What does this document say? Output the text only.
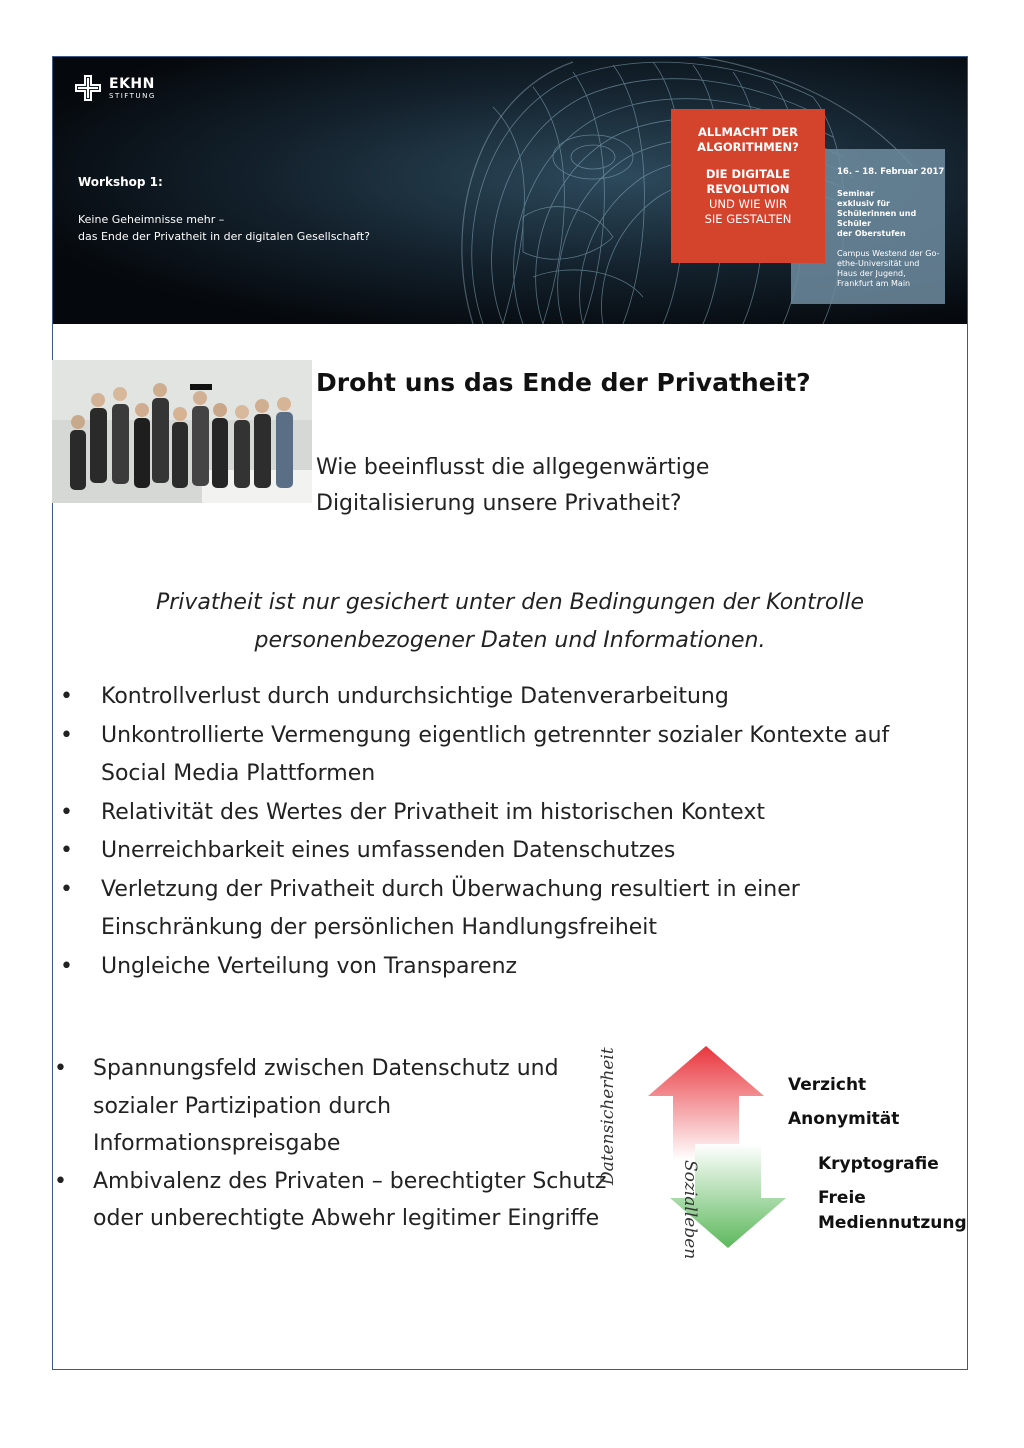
EKHN
STIFTUNG
Workshop 1:
Keine Geheimnisse mehr –
das Ende der Privatheit in der digitalen Gesellschaft?
16. – 18. Februar 2017
Seminar
exklusiv für
Schülerinnen und
Schüler
der Oberstufen
Campus Westend der Go-
ethe-Universität und
Haus der Jugend,
Frankfurt am Main
ALLMACHT DER
ALGORITHMEN?
DIE DIGITALE
REVOLUTION
UND WIE WIR
SIE GESTALTEN
Droht uns das Ende der Privatheit?
Wie beeinflusst die allgegenwärtige
Digitalisierung unsere Privatheit?
Privatheit ist nur gesichert unter den Bedingungen der Kontrolle
personenbezogener Daten und Informationen.
• Kontrollverlust durch undurchsichtige Datenverarbeitung
• Unkontrollierte Vermengung eigentlich getrennter sozialer Kontexte auf Social Media Plattformen
• Relativität des Wertes der Privatheit im historischen Kontext
• Unerreichbarkeit eines umfassenden Datenschutzes
• Verletzung der Privatheit durch Überwachung resultiert in einer Einschränkung der persönlichen Handlungsfreiheit
• Ungleiche Verteilung von Transparenz
• Spannungsfeld zwischen Datenschutz und sozialer Partizipation durch Informationspreisgabe
• Ambivalenz des Privaten – berechtigter Schutz oder unberechtigte Abwehr legitimer Eingriffe
Datensicherheit
Sozialleben
Verzicht
Anonymität
Kryptografie
Freie
Mediennutzung
